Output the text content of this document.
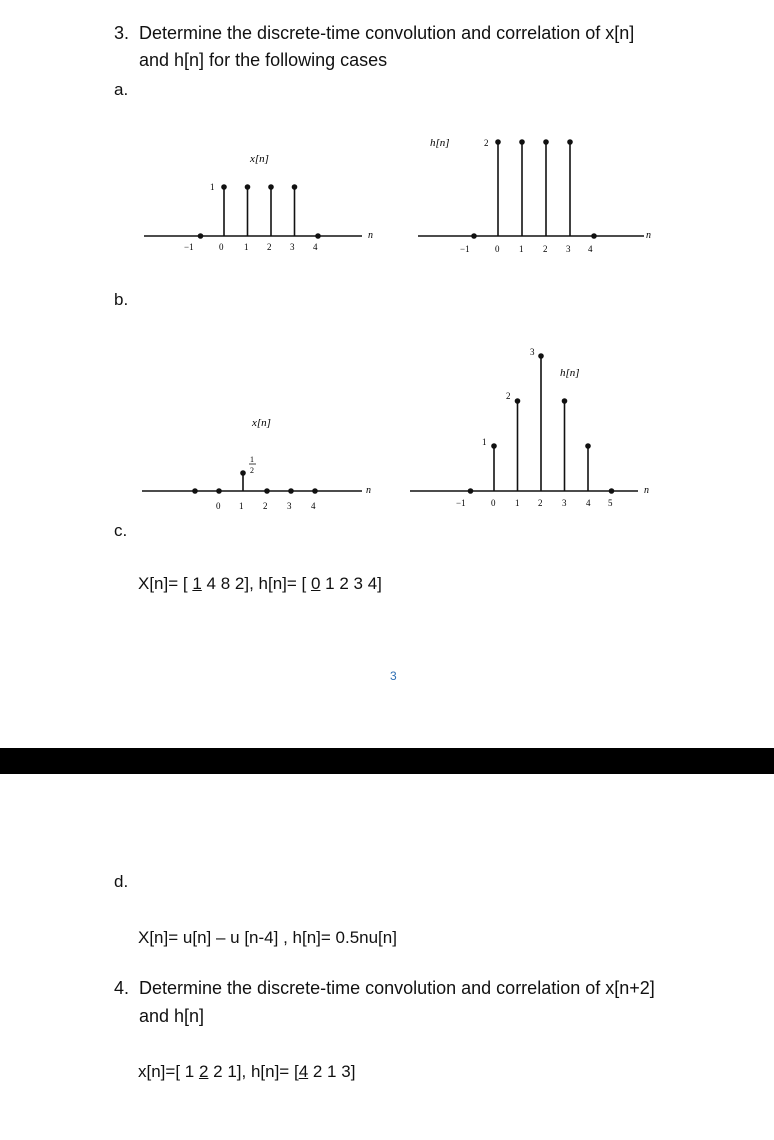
3. Determine the discrete-time convolution and correlation of x[n]
and h[n] for the following cases
a.
x[n]
n
1
−1	0 1 2 3 4
h[n]
n
2
−1	0 1 2 3 4
b.
x[n]
n
1
2
0 1 2 3 4
h[n]
n
1
2
3
−1	0 1 2 3 4 5
c.
X[n]= [ 1 4 8 2], h[n]= [ 0 1 2 3 4]
3
d.
X[n]= u[n] – u [n-4] , h[n]= 0.5nu[n]
4. Determine the discrete-time convolution and correlation of x[n+2]
and h[n]
x[n]=[ 1 2 2 1], h[n]= [4 2 1 3]
